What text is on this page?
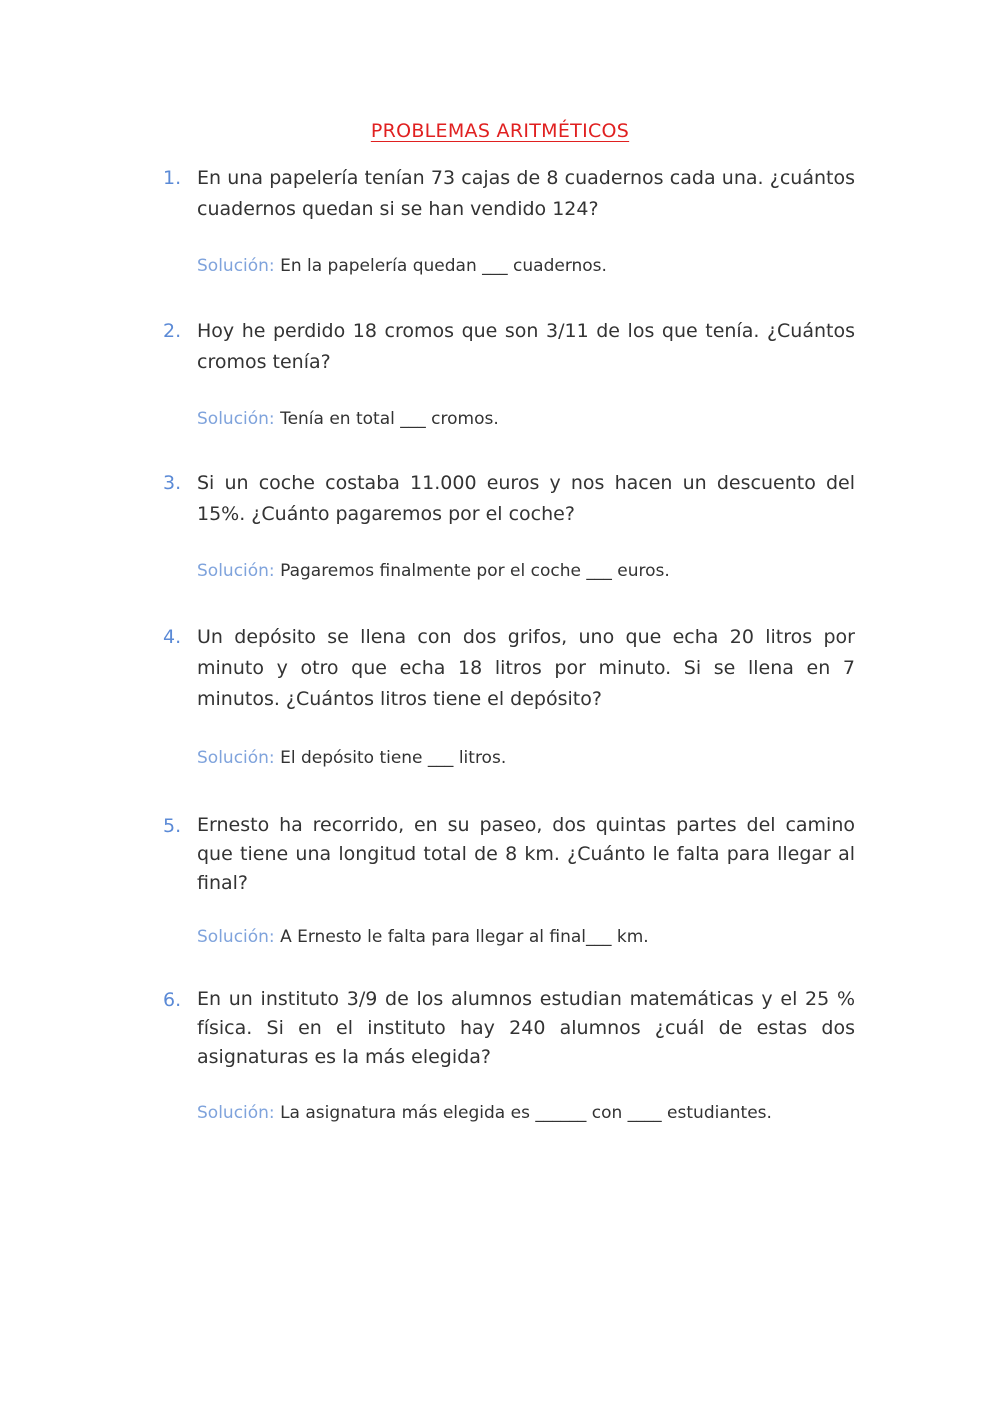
PROBLEMAS ARITMÉTICOS
1. En una papelería tenían 73 cajas de 8 cuadernos cada una. ¿cuántos cuadernos quedan si se han vendido 124?
Solución: En la papelería quedan ___ cuadernos.
2. Hoy he perdido 18 cromos que son 3/11 de los que tenía. ¿Cuántos cromos tenía?
Solución: Tenía en total ___ cromos.
3. Si un coche costaba 11.000 euros y nos hacen un descuento del 15%. ¿Cuánto pagaremos por el coche?
Solución: Pagaremos finalmente por el coche ___ euros.
4. Un depósito se llena con dos grifos, uno que echa 20 litros por minuto y otro que echa 18 litros por minuto. Si se llena en 7 minutos. ¿Cuántos litros tiene el depósito?
Solución: El depósito tiene ___ litros.
5. Ernesto ha recorrido, en su paseo, dos quintas partes del camino que tiene una longitud total de 8 km. ¿Cuánto le falta para llegar al final?
Solución: A Ernesto le falta para llegar al final___ km.
6. En un instituto 3/9 de los alumnos estudian matemáticas y el 25 % física. Si en el instituto hay 240 alumnos ¿cuál de estas dos asignaturas es la más elegida?
Solución: La asignatura más elegida es ______ con ____ estudiantes.
